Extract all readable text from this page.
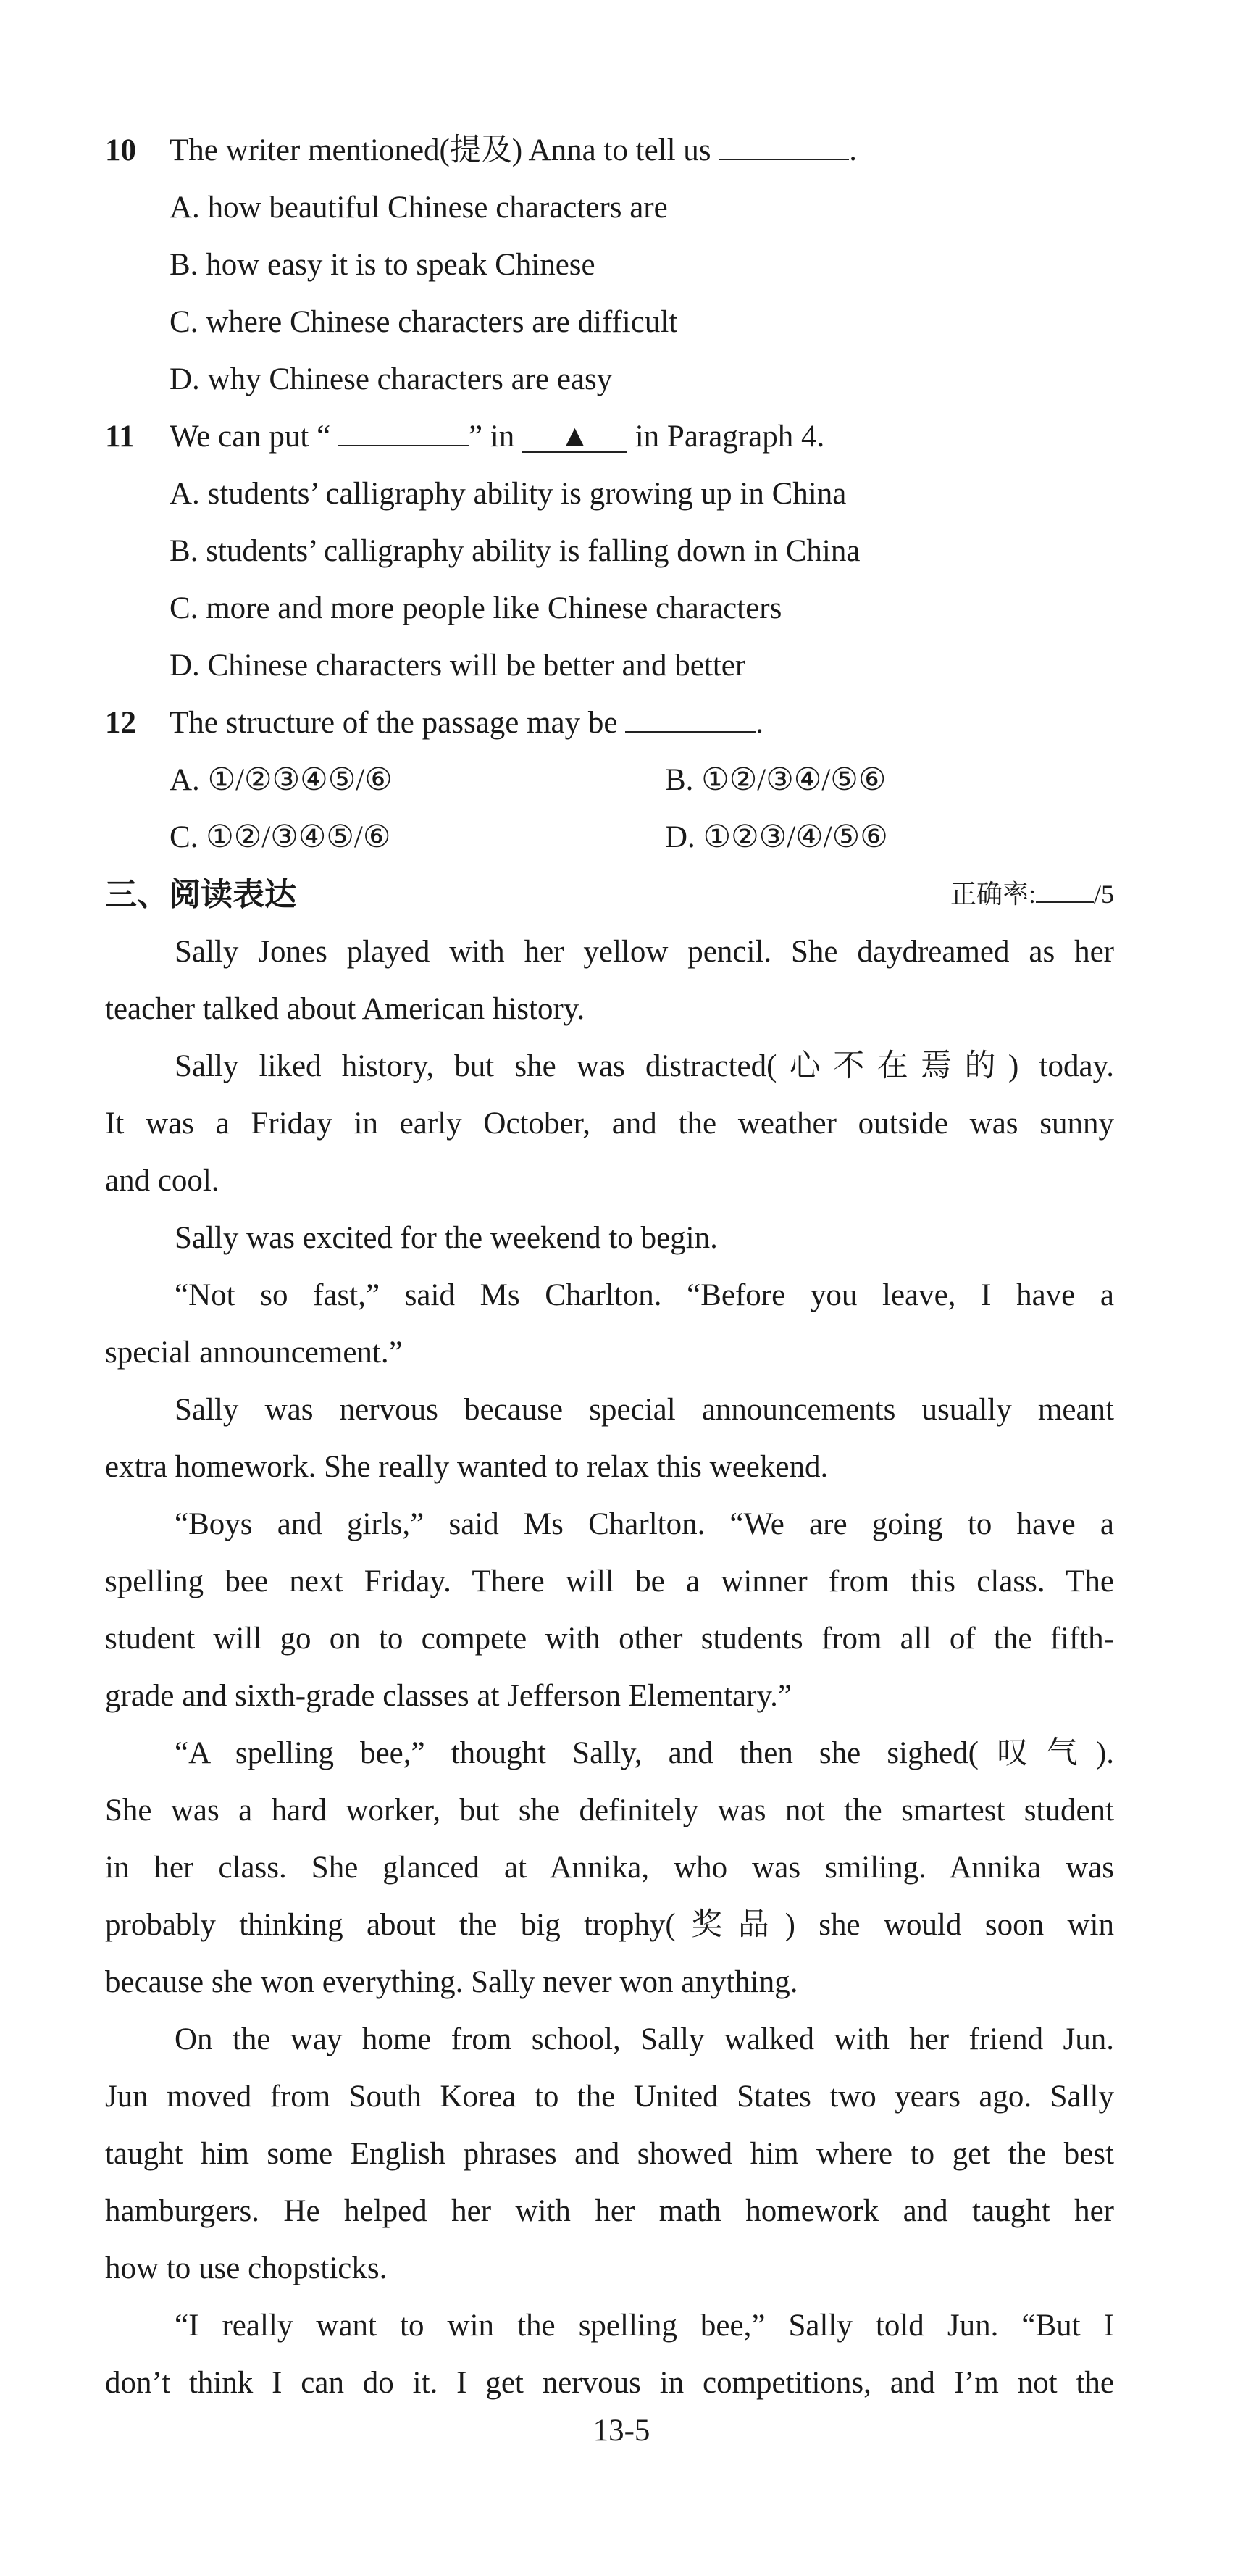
10 The writer mentioned(提及) Anna to tell us	.
A. how beautiful Chinese characters are
B. how easy it is to speak Chinese
C. where Chinese characters are difficult
D. why Chinese characters are easy
11 We can put “	” in ▲ in Paragraph 4.
A. students’ calligraphy ability is growing up in China
B. students’ calligraphy ability is falling down in China
C. more and more people like Chinese characters
D. Chinese characters will be better and better
12 The structure of the passage may be	.
A. ①/②③④⑤/⑥	B. ①②/③④/⑤⑥
C. ①②/③④⑤/⑥	D. ①②③/④/⑤⑥
三、阅读表达	正确率: /5
Sally Jones played with her yellow pencil. She daydreamed as her
teacher talked about American history.
Sally liked history, but she was distracted(心不在焉的) today.
It was a Friday in early October, and the weather outside was sunny
and cool.
Sally was excited for the weekend to begin.
“Not so fast,” said Ms Charlton. “Before you leave, I have a
special announcement.”
Sally was nervous because special announcements usually meant
extra homework. She really wanted to relax this weekend.
“Boys and girls,” said Ms Charlton. “We are going to have a
spelling bee next Friday. There will be a winner from this class. The
student will go on to compete with other students from all of the fifth-
grade and sixth-grade classes at Jefferson Elementary.”
“A spelling bee,” thought Sally, and then she sighed(叹气).
She was a hard worker, but she definitely was not the smartest student
in her class. She glanced at Annika, who was smiling. Annika was
probably thinking about the big trophy(奖品) she would soon win
because she won everything. Sally never won anything.
On the way home from school, Sally walked with her friend Jun.
Jun moved from South Korea to the United States two years ago. Sally
taught him some English phrases and showed him where to get the best
hamburgers. He helped her with her math homework and taught her
how to use chopsticks.
“I really want to win the spelling bee,” Sally told Jun. “But I
don’t think I can do it. I get nervous in competitions, and I’m not the
13-5
